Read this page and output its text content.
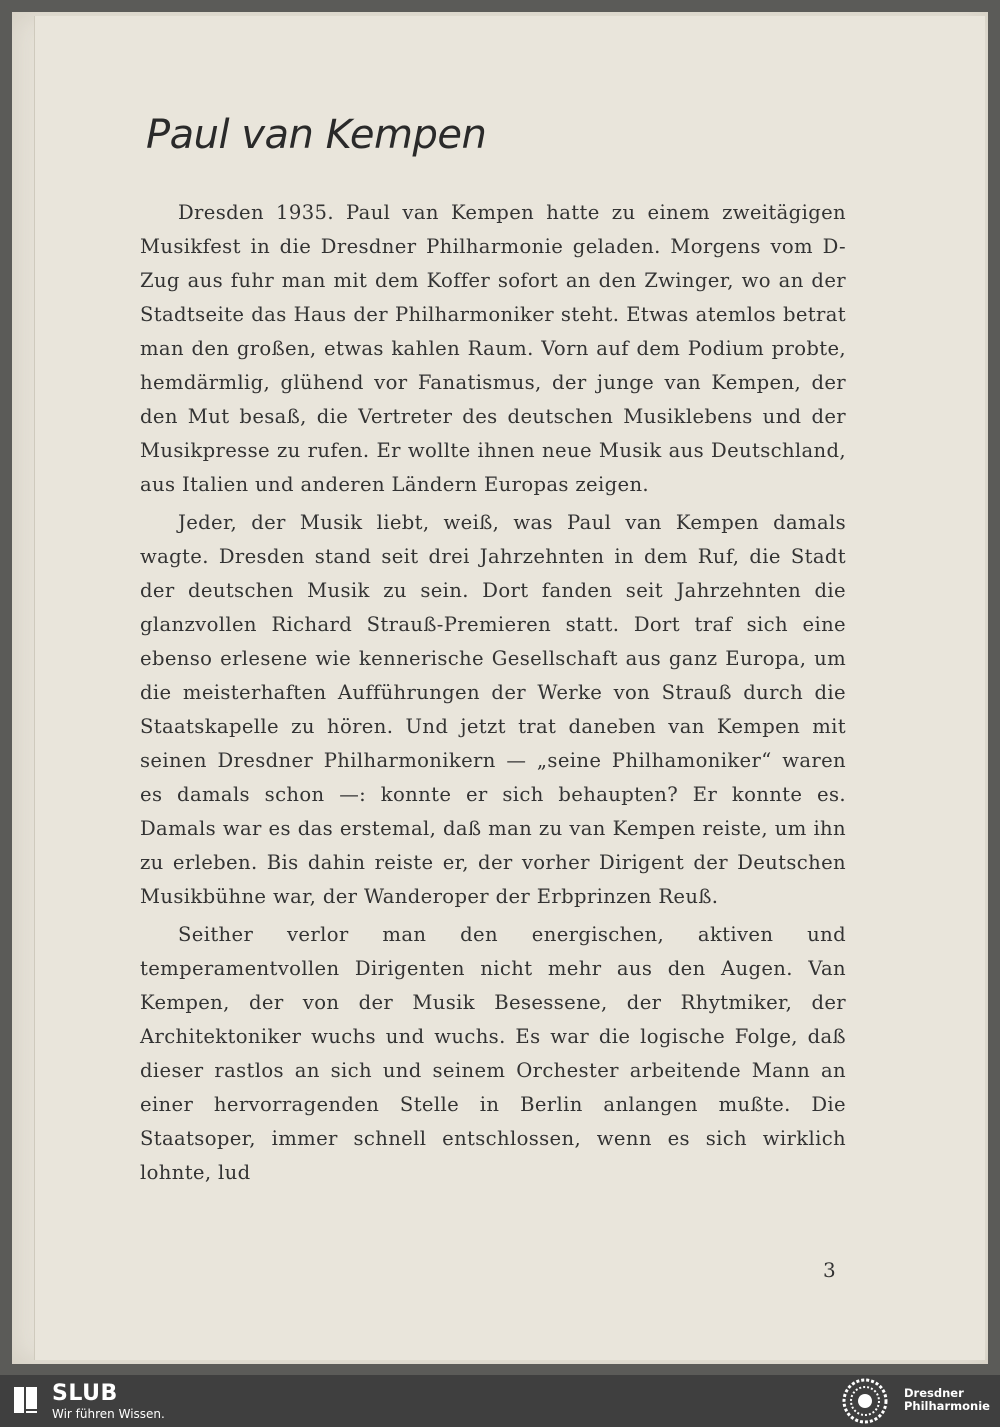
Paul van Kempen

Dresden 1935. Paul van Kempen hatte zu einem zweitägigen Musikfest in die Dresdner Philharmonie geladen. Morgens vom D-Zug aus fuhr man mit dem Koffer sofort an den Zwinger, wo an der Stadtseite das Haus der Philharmoniker steht. Etwas atemlos betrat man den großen, etwas kahlen Raum. Vorn auf dem Podium probte, hemdärmlig, glühend vor Fanatismus, der junge van Kempen, der den Mut besaß, die Vertreter des deutschen Musiklebens und der Musikpresse zu rufen. Er wollte ihnen neue Musik aus Deutschland, aus Italien und anderen Ländern Europas zeigen.

Jeder, der Musik liebt, weiß, was Paul van Kempen damals wagte. Dresden stand seit drei Jahrzehnten in dem Ruf, die Stadt der deutschen Musik zu sein. Dort fanden seit Jahrzehnten die glanzvollen Richard Strauß-Premieren statt. Dort traf sich eine ebenso erlesene wie kennerische Gesellschaft aus ganz Europa, um die meisterhaften Aufführungen der Werke von Strauß durch die Staatskapelle zu hören. Und jetzt trat daneben van Kempen mit seinen Dresdner Philharmonikern — „seine Philhamoniker“ waren es damals schon —: konnte er sich behaupten? Er konnte es. Damals war es das erstemal, daß man zu van Kempen reiste, um ihn zu erleben. Bis dahin reiste er, der vorher Dirigent der Deutschen Musikbühne war, der Wanderoper der Erbprinzen Reuß.

Seither verlor man den energischen, aktiven und temperamentvollen Dirigenten nicht mehr aus den Augen. Van Kempen, der von der Musik Besessene, der Rhytmiker, der Architektoniker wuchs und wuchs. Es war die logische Folge, daß dieser rastlos an sich und seinem Orchester arbeitende Mann an einer hervorragenden Stelle in Berlin anlangen mußte. Die Staatsoper, immer schnell entschlossen, wenn es sich wirklich lohnte, lud

3
SLUB
Wir führen Wissen.
Dresdner
Philharmonie
